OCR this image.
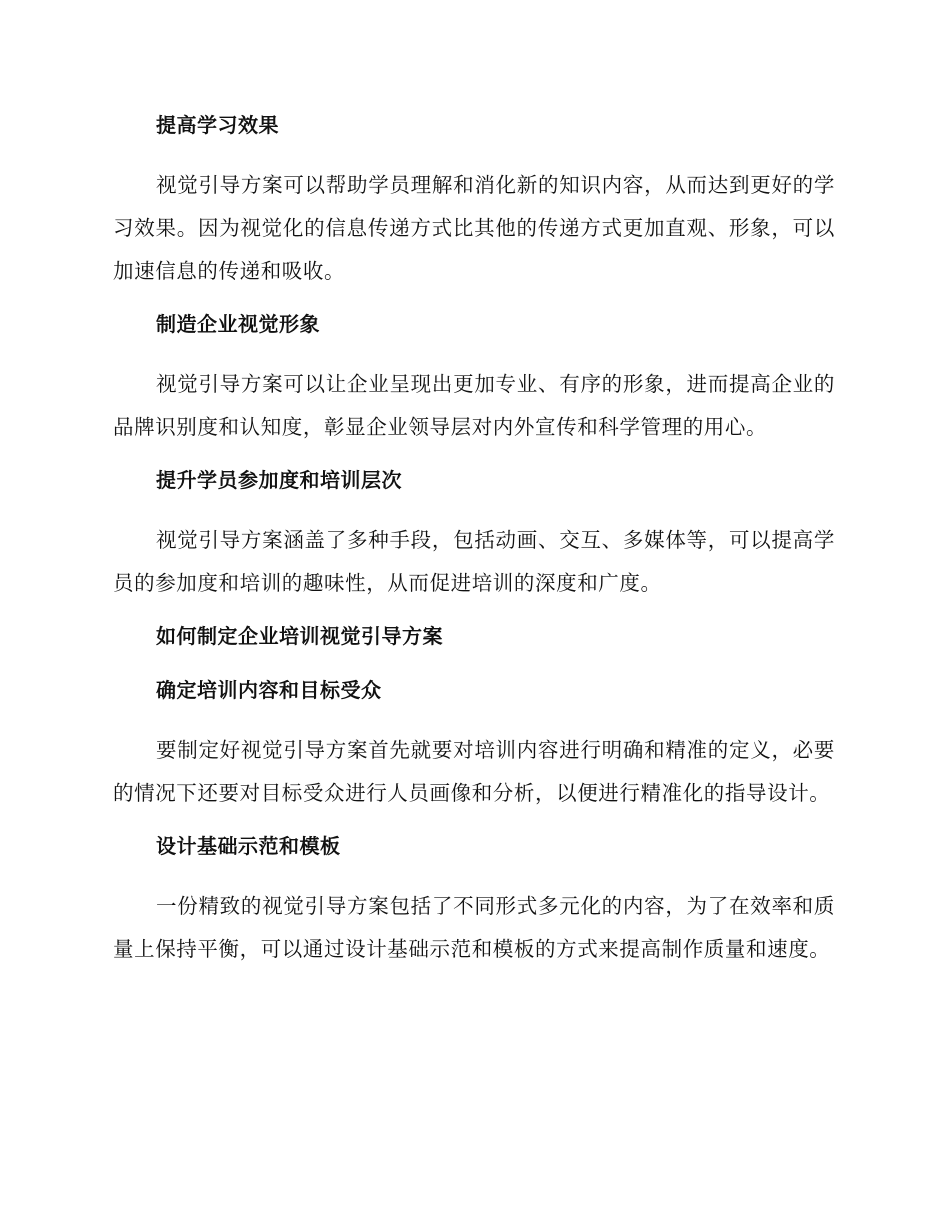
提高学习效果

视觉引导方案可以帮助学员理解和消化新的知识内容，从而达到更好的学习效果。因为视觉化的信息传递方式比其他的传递方式更加直观、形象，可以加速信息的传递和吸收。

制造企业视觉形象

视觉引导方案可以让企业呈现出更加专业、有序的形象，进而提高企业的品牌识别度和认知度，彰显企业领导层对内外宣传和科学管理的用心。

提升学员参加度和培训层次

视觉引导方案涵盖了多种手段，包括动画、交互、多媒体等，可以提高学员的参加度和培训的趣味性，从而促进培训的深度和广度。

如何制定企业培训视觉引导方案
确定培训内容和目标受众

要制定好视觉引导方案首先就要对培训内容进行明确和精准的定义，必要的情况下还要对目标受众进行人员画像和分析，以便进行精准化的指导设计。

设计基础示范和模板

一份精致的视觉引导方案包括了不同形式多元化的内容，为了在效率和质量上保持平衡，可以通过设计基础示范和模板的方式来提高制作质量和速度。
